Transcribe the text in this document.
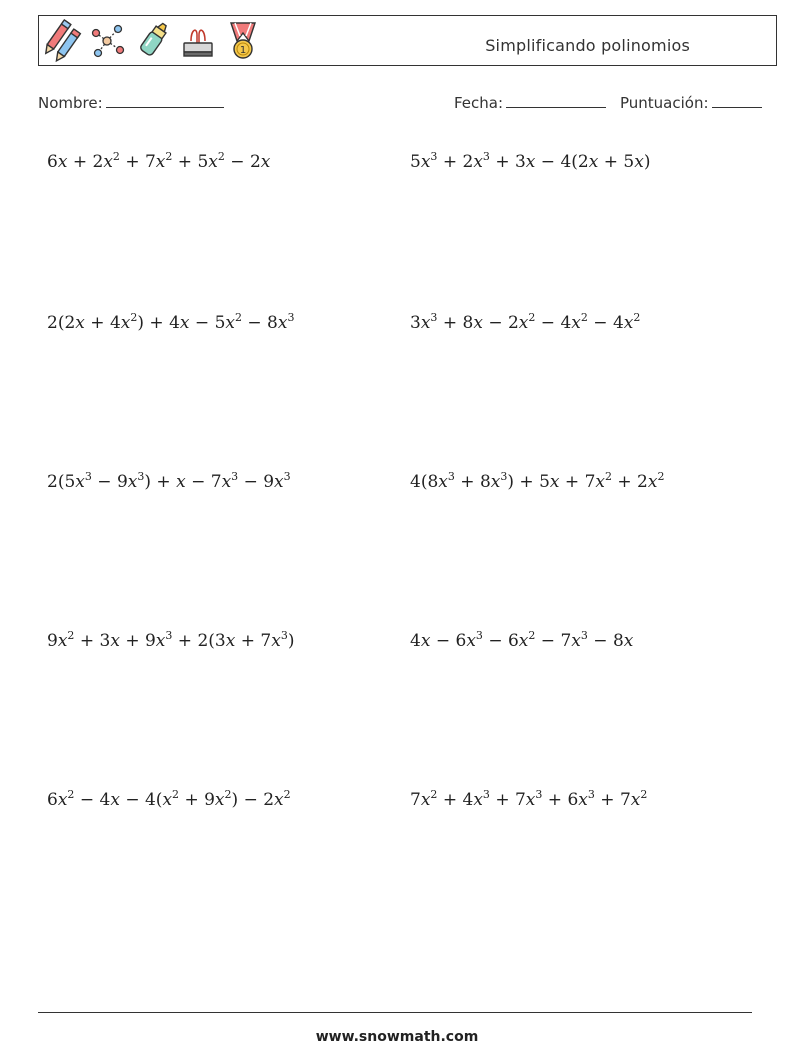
1	Simplificando polinomios
Nombre:	Fecha:	Puntuación:
$6x + 2x^2 + 7x^2 + 5x^2 - 2x$	$5x^3 + 2x^3 + 3x - 4(2x + 5x)$
$2(2x + 4x^2) + 4x - 5x^2 - 8x^3$	$3x^3 + 8x - 2x^2 - 4x^2 - 4x^2$
$2(5x^3 - 9x^3) + x - 7x^3 - 9x^3$	$4(8x^3 + 8x^3) + 5x + 7x^2 + 2x^2$
$9x^2 + 3x + 9x^3 + 2(3x + 7x^3)$	$4x - 6x^3 - 6x^2 - 7x^3 - 8x$
$6x^2 - 4x - 4(x^2 + 9x^2) - 2x^2$	$7x^2 + 4x^3 + 7x^3 + 6x^3 + 7x^2$
www.snowmath.com
